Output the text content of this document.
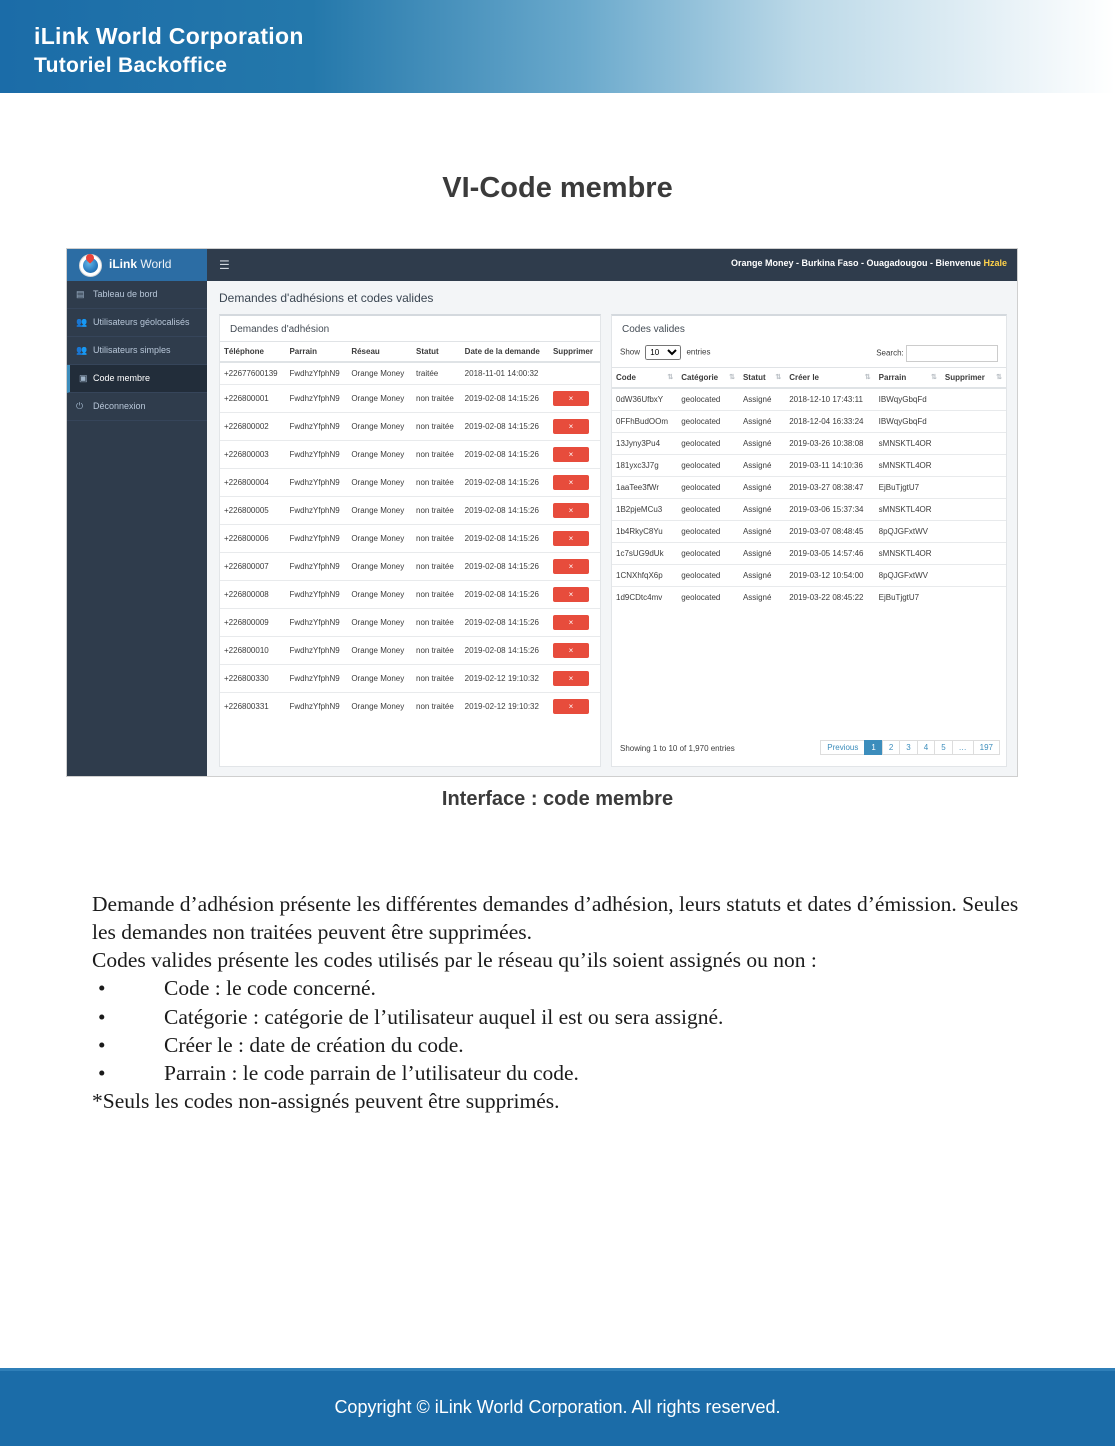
iLink World Corporation
Tutoriel Backoffice
VI-Code membre
iLink World	☰	Orange Money - Burkina Faso - Ouagadougou - Bienvenue Hzale
▤ Tableau de bord
👥 Utilisateurs géolocalisés
👥 Utilisateurs simples
▣ Code membre
⏻ Déconnexion
Demandes d'adhésions et codes valides
Demandes d'adhésion
Téléphone	Parrain	Réseau	Statut	Date de la demande	Supprimer
+22677600139	FwdhzYfphN9	Orange Money	traitée	2018-11-01 14:00:32	
+226800001	FwdhzYfphN9	Orange Money	non traitée	2019-02-08 14:15:26	×
+226800002	FwdhzYfphN9	Orange Money	non traitée	2019-02-08 14:15:26	×
+226800003	FwdhzYfphN9	Orange Money	non traitée	2019-02-08 14:15:26	×
+226800004	FwdhzYfphN9	Orange Money	non traitée	2019-02-08 14:15:26	×
+226800005	FwdhzYfphN9	Orange Money	non traitée	2019-02-08 14:15:26	×
+226800006	FwdhzYfphN9	Orange Money	non traitée	2019-02-08 14:15:26	×
+226800007	FwdhzYfphN9	Orange Money	non traitée	2019-02-08 14:15:26	×
+226800008	FwdhzYfphN9	Orange Money	non traitée	2019-02-08 14:15:26	×
+226800009	FwdhzYfphN9	Orange Money	non traitée	2019-02-08 14:15:26	×
+226800010	FwdhzYfphN9	Orange Money	non traitée	2019-02-08 14:15:26	×
+226800330	FwdhzYfphN9	Orange Money	non traitée	2019-02-12 19:10:32	×
+226800331	FwdhzYfphN9	Orange Money	non traitée	2019-02-12 19:10:32	×
Codes valides
Show
10	entries	Search:
Code ⇅	Catégorie ⇅	Statut ⇅	Créer le ⇅	Parrain ⇅	Supprimer ⇅

0dW36UfbxY	geolocated	Assigné	2018-12-10 17:43:11	IBWqyGbqFd	
0FFhBudOOm	geolocated	Assigné	2018-12-04 16:33:24	IBWqyGbqFd	
13Jyny3Pu4	geolocated	Assigné	2019-03-26 10:38:08	sMNSKTL4OR	
181yxc3J7g	geolocated	Assigné	2019-03-11 14:10:36	sMNSKTL4OR	
1aaTee3fWr	geolocated	Assigné	2019-03-27 08:38:47	EjBuTjgtU7	
1B2pjeMCu3	geolocated	Assigné	2019-03-06 15:37:34	sMNSKTL4OR	
1b4RkyC8Yu	geolocated	Assigné	2019-03-07 08:48:45	8pQJGFxtWV	
1c7sUG9dUk	geolocated	Assigné	2019-03-05 14:57:46	sMNSKTL4OR	
1CNXhfqX6p	geolocated	Assigné	2019-03-12 10:54:00	8pQJGFxtWV	
1d9CDtc4mv	geolocated	Assigné	2019-03-22 08:45:22	EjBuTjgtU7	
Showing 1 to 10 of 1,970 entries	Previous 1 2 3 4 5 … 197
Interface : code membre

Demande d’adhésion présente les différentes demandes d’adhésion, leurs statuts et dates d’émission. Seules les demandes non traitées peuvent être supprimées.

Codes valides présente les codes utilisés par le réseau qu’ils soient assignés ou non :

•	Code : le code concerné.

•	Catégorie : catégorie de l’utilisateur auquel il est ou sera assigné.

•	Créer le : date de création du code.

•	Parrain : le code parrain de l’utilisateur du code.

*Seuls les codes non-assignés peuvent être supprimés.

Copyright © iLink World Corporation. All rights reserved.
